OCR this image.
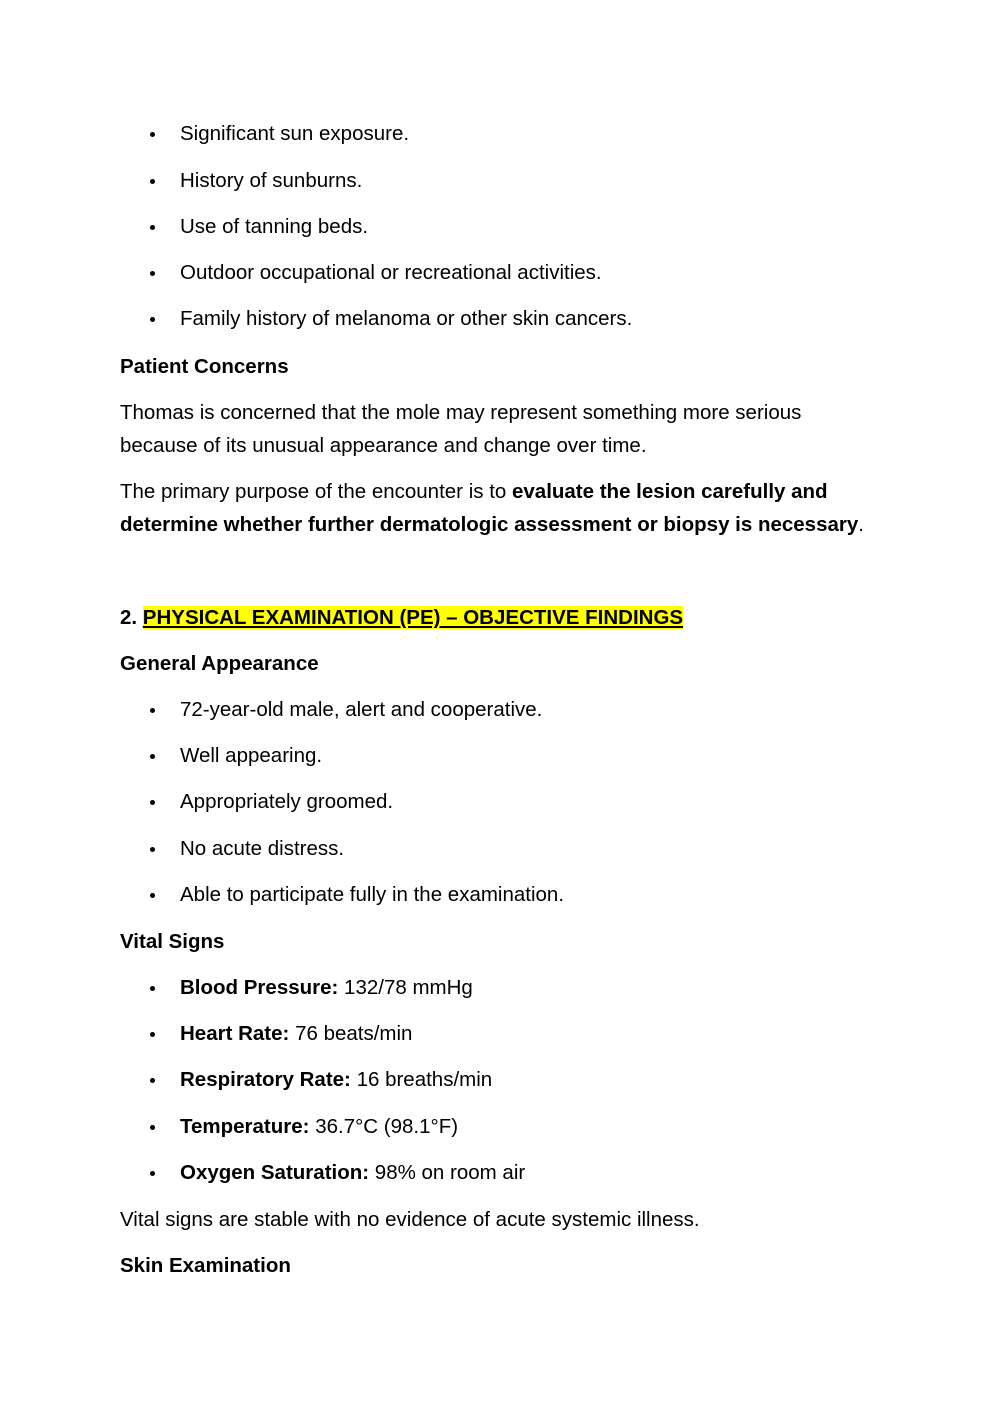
Significant sun exposure.
History of sunburns.
Use of tanning beds.
Outdoor occupational or recreational activities.
Family history of melanoma or other skin cancers.
Patient Concerns
Thomas is concerned that the mole may represent something more serious
because of its unusual appearance and change over time.
The primary purpose of the encounter is to evaluate the lesion carefully and
determine whether further dermatologic assessment or biopsy is necessary.
2. PHYSICAL EXAMINATION (PE) – OBJECTIVE FINDINGS
General Appearance
72-year-old male, alert and cooperative.
Well appearing.
Appropriately groomed.
No acute distress.
Able to participate fully in the examination.
Vital Signs
Blood Pressure: 132/78 mmHg
Heart Rate: 76 beats/min
Respiratory Rate: 16 breaths/min
Temperature: 36.7°C (98.1°F)
Oxygen Saturation: 98% on room air
Vital signs are stable with no evidence of acute systemic illness.
Skin Examination
